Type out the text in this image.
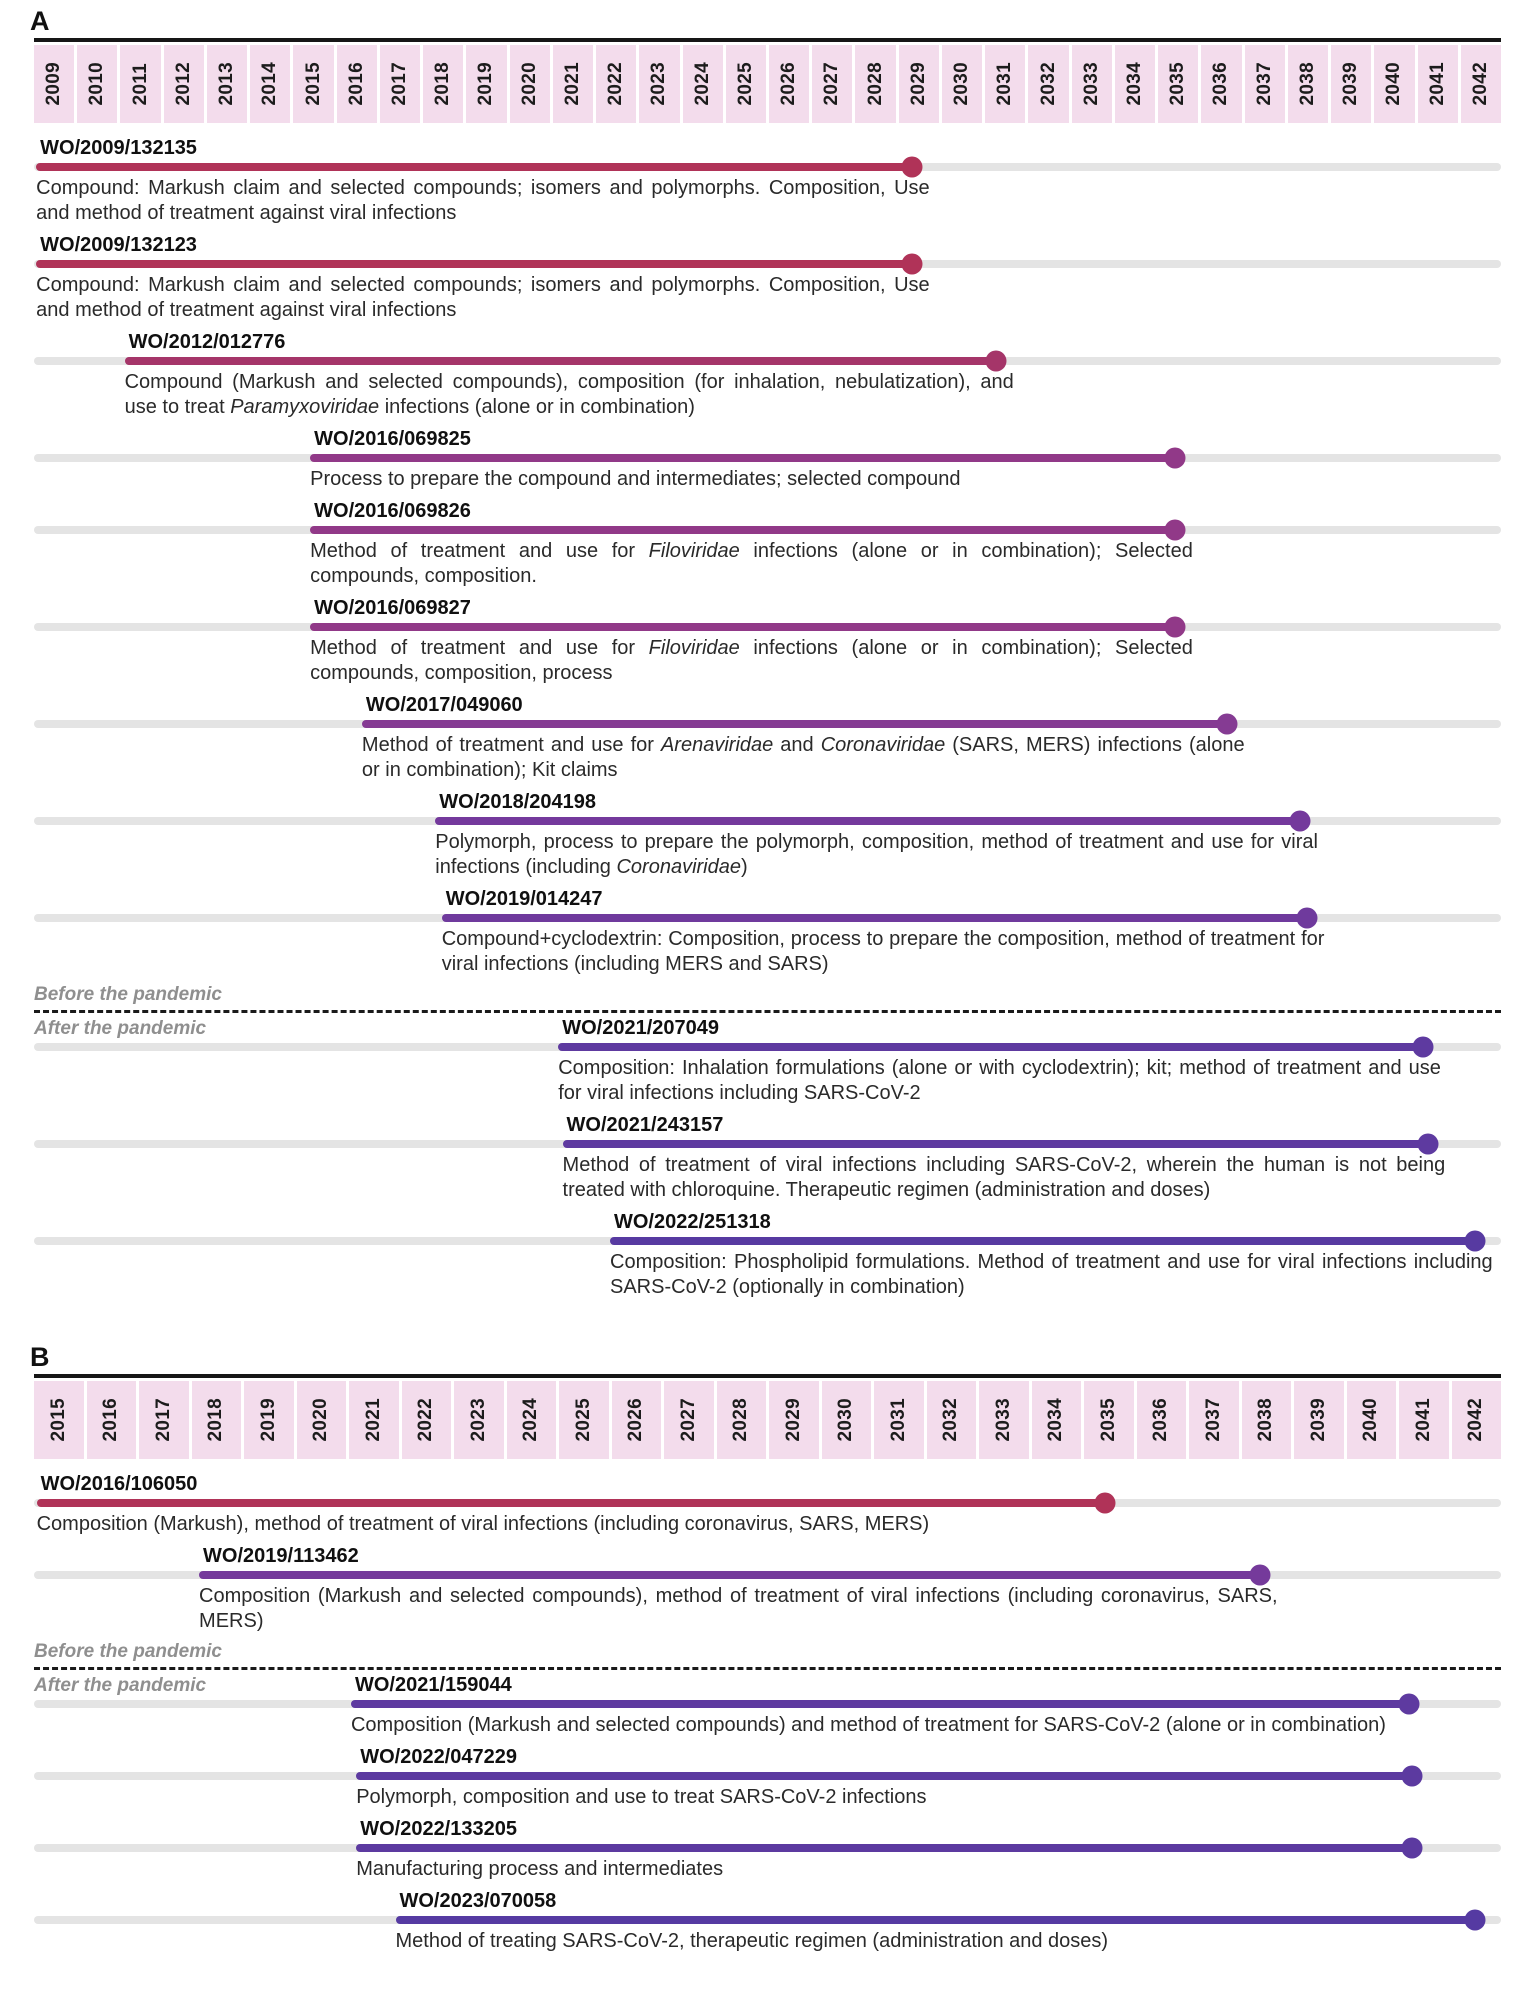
A
2009 2010 2011 2012 2013 2014 2015 2016 2017 2018 2019 2020 2021 2022 2023 2024 2025 2026 2027 2028 2029 2030 2031 2032 2033 2034 2035 2036 2037 2038 2039 2040 2041 2042
WO/2009/132135
Compound: Markush claim and selected compounds; isomers and polymorphs. Composition, Use and method of treatment against viral infections
WO/2009/132123
Compound: Markush claim and selected compounds; isomers and polymorphs. Composition, Use and method of treatment against viral infections
WO/2012/012776
Compound (Markush and selected compounds), composition (for inhalation, nebulatization), and use to treat Paramyxoviridae infections (alone or in combination)
WO/2016/069825
Process to prepare the compound and intermediates; selected compound
WO/2016/069826
Method of treatment and use for Filoviridae infections (alone or in combination); Selected compounds, composition.
WO/2016/069827
Method of treatment and use for Filoviridae infections (alone or in combination); Selected compounds, composition, process
WO/2017/049060
Method of treatment and use for Arenaviridae and Coronaviridae (SARS, MERS) infections (alone or in combination); Kit claims
WO/2018/204198
Polymorph, process to prepare the polymorph, composition, method of treatment and use for viral infections (including Coronaviridae)
WO/2019/014247
Compound+cyclodextrin: Composition, process to prepare the composition, method of treatment for viral infections (including MERS and SARS)
Before the pandemic
After the pandemic	WO/2021/207049
Composition: Inhalation formulations (alone or with cyclodextrin); kit; method of treatment and use for viral infections including SARS-CoV-2
WO/2021/243157
Method of treatment of viral infections including SARS-CoV-2, wherein the human is not being treated with chloroquine. Therapeutic regimen (administration and doses)
WO/2022/251318
Composition: Phospholipid formulations. Method of treatment and use for viral infections including SARS-CoV-2 (optionally in combination)
B
2015 2016 2017 2018 2019 2020 2021 2022 2023 2024 2025 2026 2027 2028 2029 2030 2031 2032 2033 2034 2035 2036 2037 2038 2039 2040 2041 2042
WO/2016/106050
Composition (Markush), method of treatment of viral infections (including coronavirus, SARS, MERS)
WO/2019/113462
Composition (Markush and selected compounds), method of treatment of viral infections (including coronavirus, SARS, MERS)
Before the pandemic
After the pandemic	WO/2021/159044
Composition (Markush and selected compounds) and method of treatment for SARS-CoV-2 (alone or in combination)
WO/2022/047229
Polymorph, composition and use to treat SARS-CoV-2 infections
WO/2022/133205
Manufacturing process and intermediates
WO/2023/070058
Method of treating SARS-CoV-2, therapeutic regimen (administration and doses)
